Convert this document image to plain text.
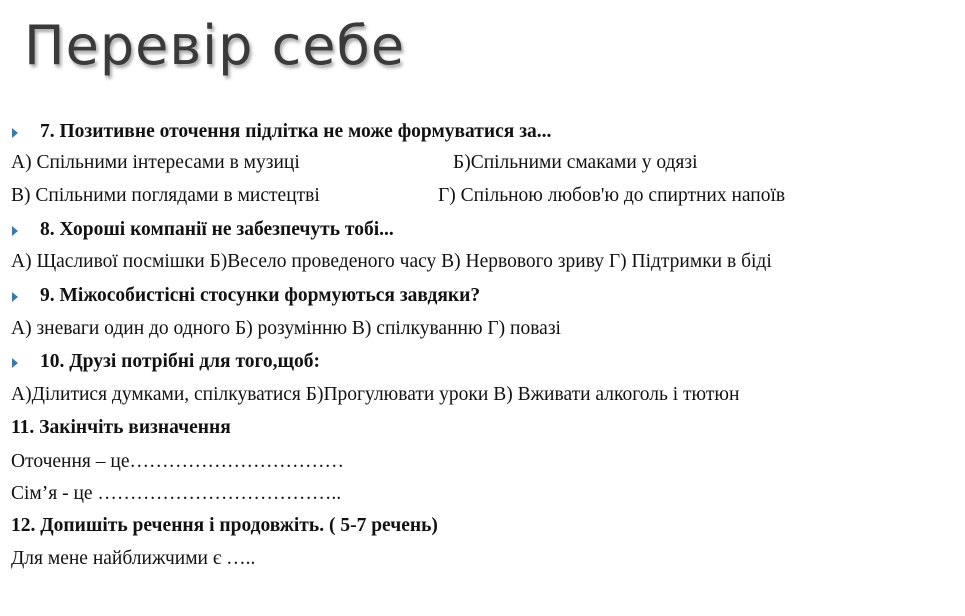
Перевір себе
7. Позитивне оточення підлітка не може формуватися за...
А) Спільними інтересами в музиці	Б)Спільними смаками у одязі
В) Спільними поглядами в мистецтві	Г) Спільною любов'ю до спиртних напоїв
8. Хороші компанії не забезпечуть тобі...
А) Щасливої посмішки Б)Весело проведеного часу В) Нервового зриву Г) Підтримки в біді
9. Міжособистісні стосунки формуються завдяки?
А) зневаги один до одного Б) розумінню В) спілкуванню Г) повазі
10. Друзі потрібні для того,щоб:
А)Ділитися думками, спілкуватися Б)Прогулювати уроки В) Вживати алкоголь і тютюн
11. Закінчіть визначення
Оточення – це……………………………
Сім’я - це ………………………………..
12. Допишіть речення і продовжіть. ( 5-7 речень)
Для мене найближчими є …..
